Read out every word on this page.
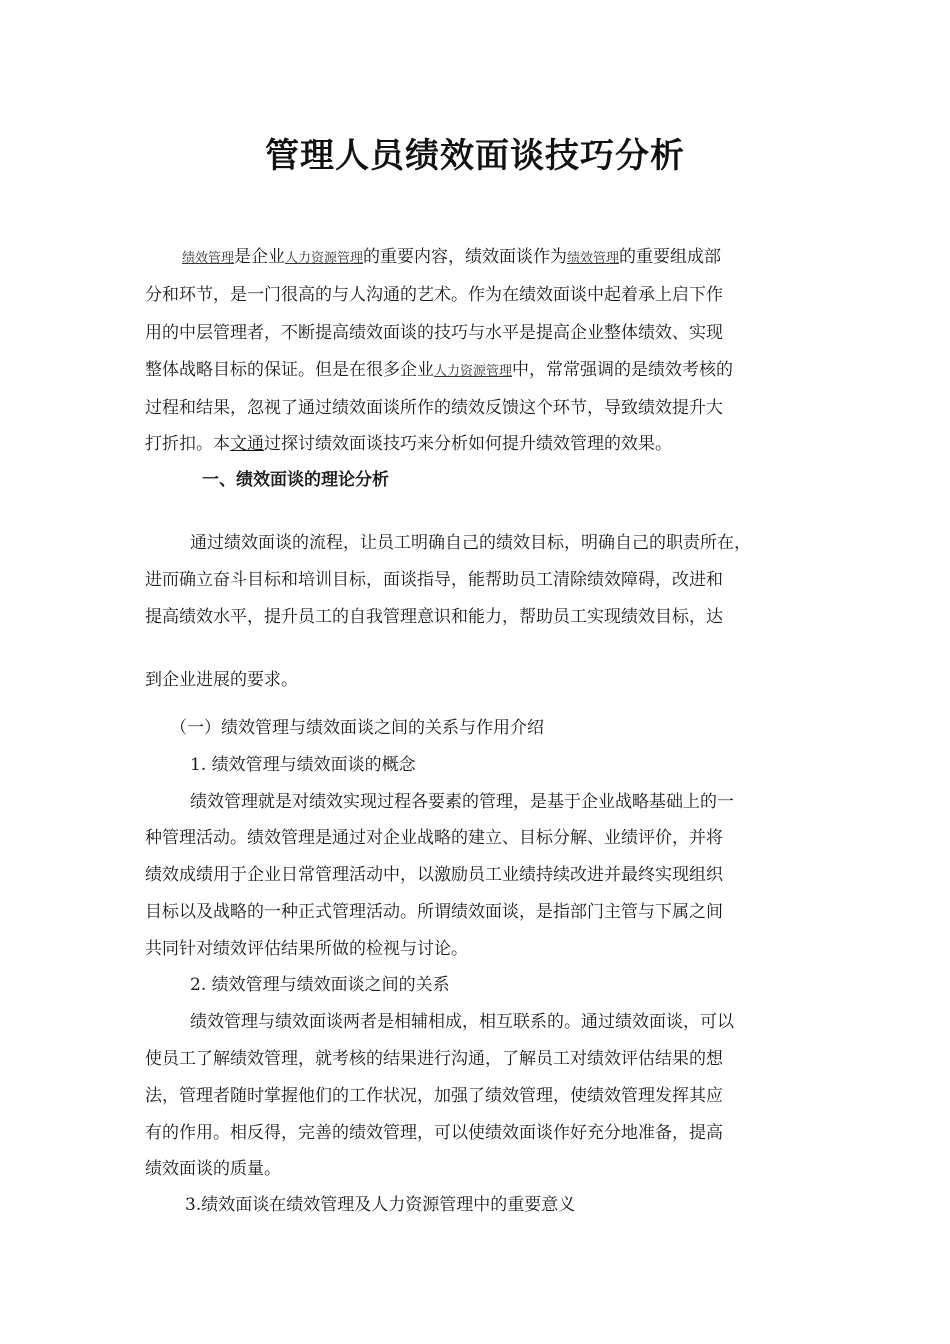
管理人员绩效面谈技巧分析
绩效管理是企业人力资源管理的重要内容，绩效面谈作为绩效管理的重要组成部
分和环节，是一门很高的与人沟通的艺术。作为在绩效面谈中起着承上启下作
用的中层管理者，不断提高绩效面谈的技巧与水平是提高企业整体绩效、实现
整体战略目标的保证。但是在很多企业人力资源管理中，常常强调的是绩效考核的
过程和结果，忽视了通过绩效面谈所作的绩效反馈这个环节，导致绩效提升大
打折扣。本文通过探讨绩效面谈技巧来分析如何提升绩效管理的效果。
一、绩效面谈的理论分析
通过绩效面谈的流程，让员工明确自己的绩效目标，明确自己的职责所在，
进而确立奋斗目标和培训目标，面谈指导，能帮助员工清除绩效障碍，改进和
提高绩效水平，提升员工的自我管理意识和能力，帮助员工实现绩效目标，达
到企业进展的要求。
（一）绩效管理与绩效面谈之间的关系与作用介绍
1. 绩效管理与绩效面谈的概念
绩效管理就是对绩效实现过程各要素的管理，是基于企业战略基础上的一
种管理活动。绩效管理是通过对企业战略的建立、目标分解、业绩评价，并将
绩效成绩用于企业日常管理活动中，以激励员工业绩持续改进并最终实现组织
目标以及战略的一种正式管理活动。所谓绩效面谈，是指部门主管与下属之间
共同针对绩效评估结果所做的检视与讨论。
2. 绩效管理与绩效面谈之间的关系
绩效管理与绩效面谈两者是相辅相成，相互联系的。通过绩效面谈，可以
使员工了解绩效管理，就考核的结果进行沟通，了解员工对绩效评估结果的想
法，管理者随时掌握他们的工作状况，加强了绩效管理，使绩效管理发挥其应
有的作用。相反得，完善的绩效管理，可以使绩效面谈作好充分地准备，提高
绩效面谈的质量。
3.绩效面谈在绩效管理及人力资源管理中的重要意义
